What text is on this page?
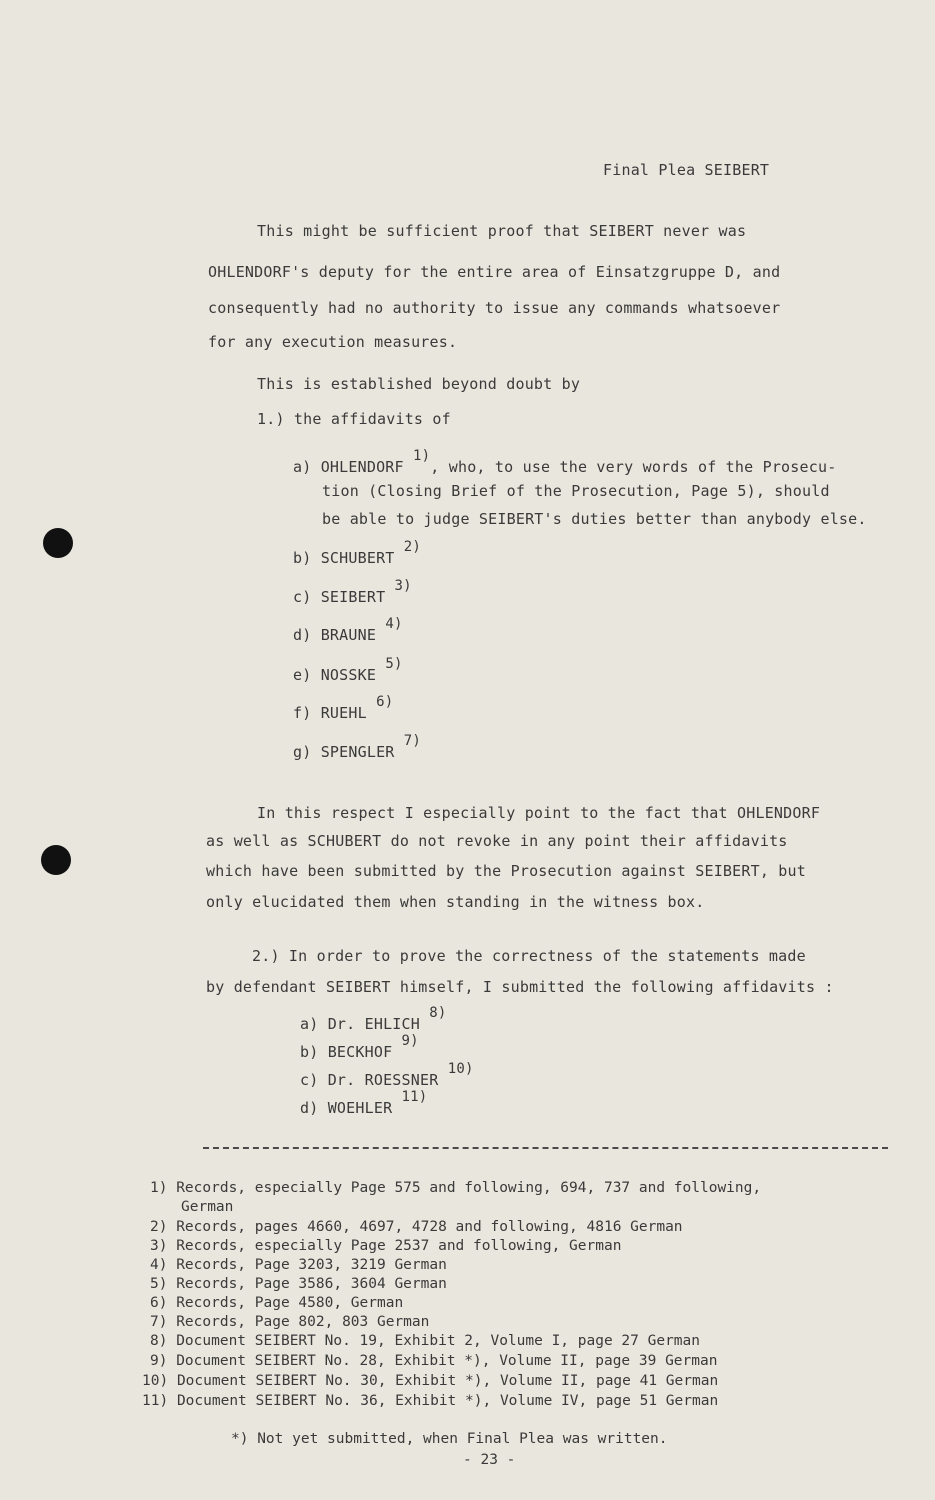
Final Plea SEIBERT
This might be sufficient proof that SEIBERT never was
OHLENDORF's deputy for the entire area of Einsatzgruppe D, and
consequently had no authority to issue any commands whatsoever
for any execution measures.
This is established beyond doubt by
1.) the affidavits of
a) OHLENDORF 1), who, to use the very words of the Prosecu-
tion (Closing Brief of the Prosecution, Page 5), should
be able to judge SEIBERT's duties better than anybody else.
b) SCHUBERT 2)
c) SEIBERT 3)
d) BRAUNE 4)
e) NOSSKE 5)
f) RUEHL 6)
g) SPENGLER 7)
In this respect I especially point to the fact that OHLENDORF
as well as SCHUBERT do not revoke in any point their affidavits
which have been submitted by the Prosecution against SEIBERT, but
only elucidated them when standing in the witness box.
2.) In order to prove the correctness of the statements made
by defendant SEIBERT himself, I submitted the following affidavits :
a) Dr. EHLICH 8)
b) BECKHOF 9)
c) Dr. ROESSNER 10)
d) WOEHLER 11)
1) Records, especially Page 575 and following, 694, 737 and following,
German
2) Records, pages 4660, 4697, 4728 and following, 4816 German
3) Records, especially Page 2537 and following, German
4) Records, Page 3203, 3219 German
5) Records, Page 3586, 3604 German
6) Records, Page 4580, German
7) Records, Page 802, 803 German
8) Document SEIBERT No. 19, Exhibit 2, Volume I, page 27 German
9) Document SEIBERT No. 28, Exhibit *), Volume II, page 39 German
10) Document SEIBERT No. 30, Exhibit *), Volume II, page 41 German
11) Document SEIBERT No. 36, Exhibit *), Volume IV, page 51 German
*) Not yet submitted, when Final Plea was written.
- 23 -
